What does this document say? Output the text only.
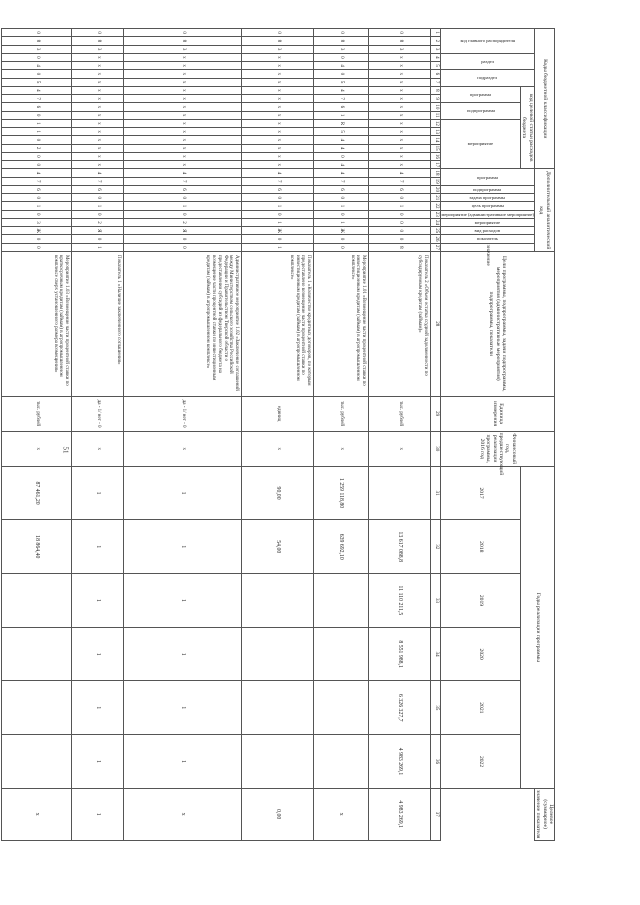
51
Коды бюджетной классификации																	Дополнительный аналитический код										Цели программы, подпрограммы, задачи подпрограммы, мероприятия (административные мероприятия) подпрограммы, показатели	Единица измерения	Финансовый год, предшествующий реализации программы, 2016 год	Годы реализации программы						Целевое (суммарное) значение показателя

код главного распорядителя			раздел		подраздел		код целевой статьи расходов бюджета										программа		подпрограмма	задача программы	цель программы	мероприятие (административное мероприятие)	мероприятие	вид расходов	показатель	значение										

							программа		подпрограмма		мероприятие																			2017	2018	2019	2020	2021	2022	

1	2	3	4	5	6	7	8	9	10	11	12	13	14	15	16	17	18	19	20	21	22	23	24	25	26	27	28	29	30	31	32	33	34	35	36	37
0	8	3	х	х	х	х	х	х	х	х	х	х	х	х	х	х	4	7	6	0	1	0	0	0	0	8	Показатель 2 «Объем остатка ссудной задолженности по субсидируемым кредитам (займам)»	тыс. рублей	х		13 617 088,8	11 110 211,5	8 551 988,1	6 326 327,7	4 983 269,1	4 983 269,1
0	8	3	0	4	0	5	4	7	6	1	R	5	4	4	0	4	4	7	6	0	1	0	1	Ж	0	0	Мероприятие 1.01 «Возмещение части процентной ставки по инвестиционным кредитам (займам) в агропромышленном комплексе»	тыс. рублей	х	1 259 118,80	639 692,10					х
0	8	3	х	х	х	х	х	х	х	х	х	х	х	х	х	х	4	7	6	0	1	0	1	Ж	0	1	Показатель 1 «Количество кредитных договоров, по которым предоставлено возмещение части процентной ставки по инвестиционным кредитам (займам) в агропромышленном комплексе»	единиц	х	90,00	54,00					0,00
0	8	3	х	х	х	х	х	х	х	х	х	х	х	х	х	х	4	7	6	0	1	0	2	Я	0	0	Административное мероприятие 1.02 «Заключение соглашений между Министерством сельского хозяйства Российской Федерации и Правительством Тверской области о предоставлении субсидий из федерального бюджета на возмещение части процентной ставки по инвестиционным кредитам (займам) в агропромышленном комплексе»	да - 1/ нет - 0	х	1	1	1	1	1	1	х
0	8	3	х	х	х	х	х	х	х	х	х	х	х	х	х	х	4	7	6	0	1	0	2	Я	0	1	Показатель 1 «Наличие заключенного соглашения»	да - 1/ нет - 0	х	1	1	1	1	1	1	1
0	8	3	0	4	0	5	4	7	6	0	1	1	0	2	0	0	4	7	6	0	1	0	3	Ж	0	0	Мероприятие 1.03 «Возмещение части процентной ставки по краткосрочным кредитам (займам) в агропромышленном комплексе сверх установленного размера возмещения»	тыс. рублей	х	87 461,20	18 864,40					х
